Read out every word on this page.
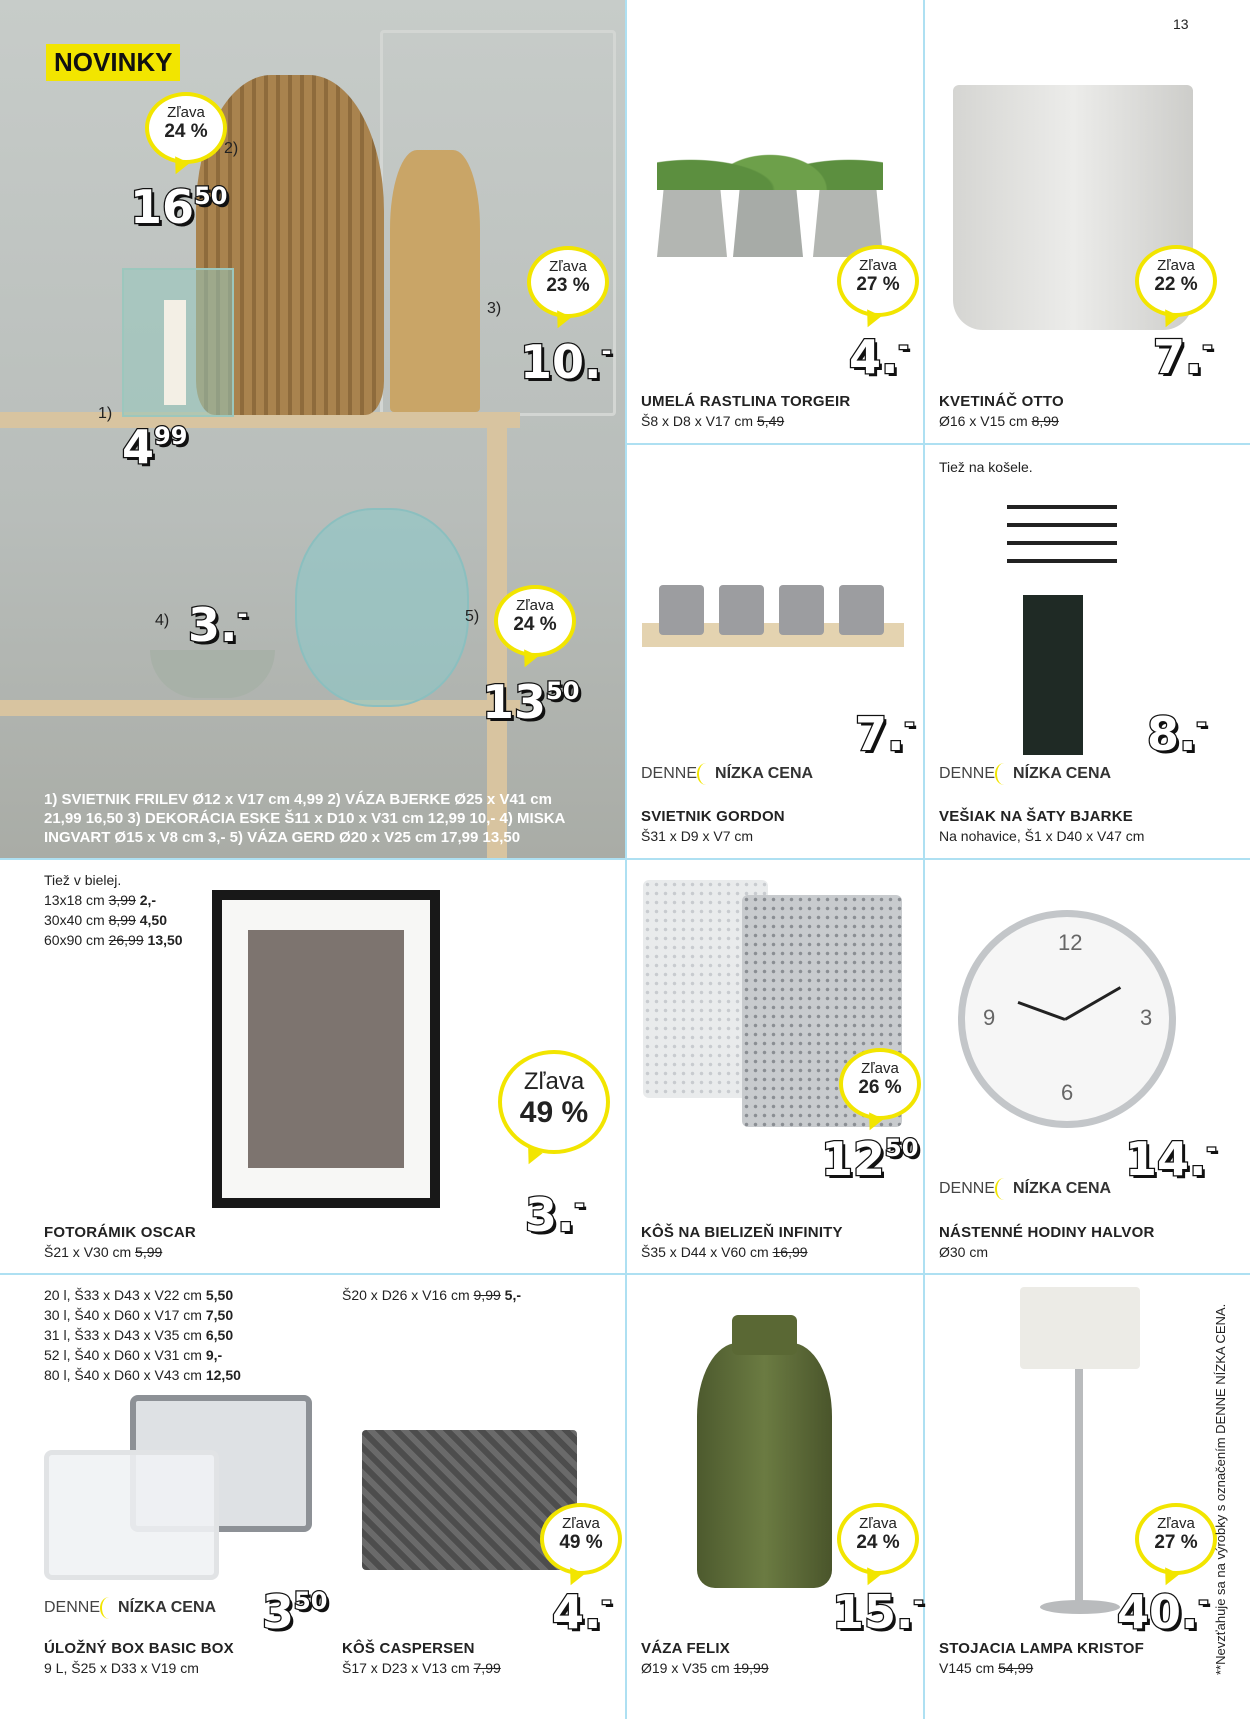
NOVINKY
1)
2)
3)
4)	5)
Zľava
24 %
Zľava
23 %
Zľava
24 %
$16^{50}$
10.-
$4^{99}$
3.-
$13^{50}$
1) SVIETNIK FRILEV Ø12 x V17 cm 4,99 2) VÁZA BJERKE Ø25 x V41 cm
21,99 16,50 3) DEKORÁCIA ESKE Š11 x D10 x V31 cm 12,99 10,- 4) MISKA
INGVART Ø15 x V8 cm 3,- 5) VÁZA GERD Ø20 x V25 cm 17,99 13,50
13
Zľava
27 %
4.-
UMELÁ RASTLINA TORGEIR
Š8 x D8 x V17 cm 5,49
Zľava
22 %
7.-
KVETINÁČ OTTO
Ø16 x V15 cm 8,99
7.-
DENNE NÍZKA CENA
SVIETNIK GORDON
Š31 x D9 x V7 cm
Tiež na košele.
8.-
DENNE NÍZKA CENA
VEŠIAK NA ŠATY BJARKE
Na nohavice, Š1 x D40 x V47 cm
Tiež v bielej.
13x18 cm 3,99 2,-
30x40 cm 8,99 4,50
60x90 cm 26,99 13,50
Zľava
49 %
3.-
FOTORÁMIK OSCAR
Š21 x V30 cm 5,99
Zľava
26 %
$12^{50}$
KÔŠ NA BIELIZEŇ INFINITY
Š35 x D44 x V60 cm 16,99
12
3
6
9
14.-
DENNE NÍZKA CENA
NÁSTENNÉ HODINY HALVOR
Ø30 cm
20 l, Š33 x D43 x V22 cm 5,50
30 l, Š40 x D60 x V17 cm 7,50
31 l, Š33 x D43 x V35 cm 6,50
52 l, Š40 x D60 x V31 cm 9,-
80 l, Š40 x D60 x V43 cm 12,50
$3^{50}$
DENNE NÍZKA CENA
ÚLOŽNÝ BOX BASIC BOX
9 L, Š25 x D33 x V19 cm
Š20 x D26 x V16 cm 9,99 5,-
Zľava
49 %
4.-
KÔŠ CASPERSEN
Š17 x D23 x V13 cm 7,99
Zľava
24 %
15.-
VÁZA FELIX
Ø19 x V35 cm 19,99
Zľava
27 %
40.-
STOJACIA LAMPA KRISTOF
V145 cm 54,99	**Nevzťahuje sa na výrobky s označením DENNE NÍZKA CENA.
